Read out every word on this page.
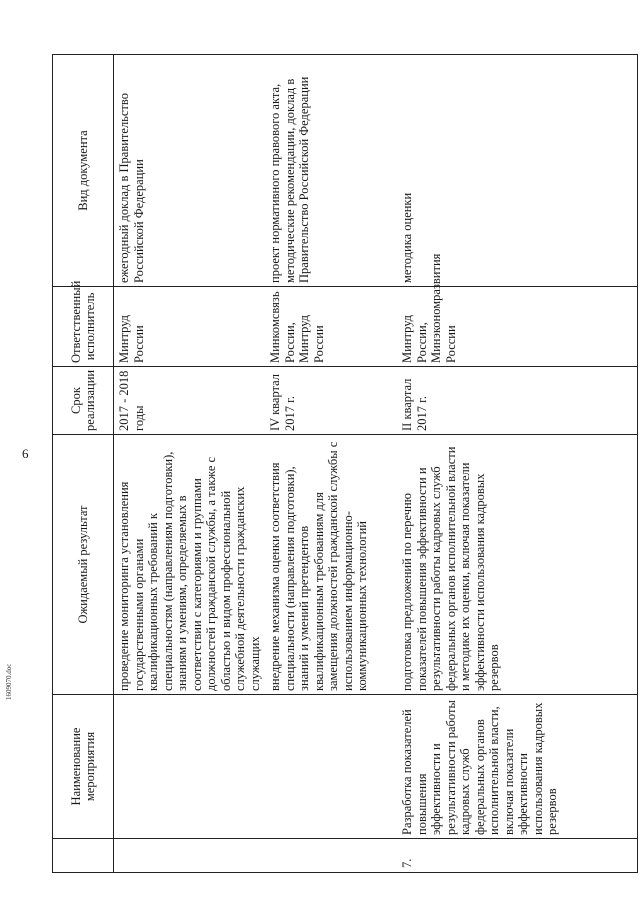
6
	Наименование мероприятия	Ожидаемый результат	Срок реализации	Ответственный исполнитель	Вид документа
		проведение мониторинга установления государственными органами квалификационных требований к специальностям (направлениям подготовки), знаниям и умениям, определяемых в соответствии с категориями и группами должностей гражданской службы, а также с областью и видом профессиональной служебной деятельности гражданских служащих	2017 - 2018 годы	Минтруд России	ежегодный доклад в Правительство Российской Федерации
		внедрение механизма оценки соответствия специальности (направления подготовки), знаний и умений претендентов квалификационным требованиям для замещения должностей гражданской службы с использованием информационно-коммуникационных технологий	IV квартал 2017 г.	Минкомсвязь России, Минтруд России	проект нормативного правового акта, методические рекомендации, доклад в Правительство Российской Федерации
7.	Разработка показателей повышения эффективности и результативности работы кадровых служб федеральных органов исполнительной власти, включая показатели эффективности использования кадровых резервов	подготовка предложений по перечню показателей повышения эффективности и результативности работы кадровых служб федеральных органов исполнительной власти и методике их оценки, включая показатели эффективности использования кадровых резервов	II квартал 2017 г.	Минтруд России, Минэкономразвития России	методика оценки
1609070.doc
